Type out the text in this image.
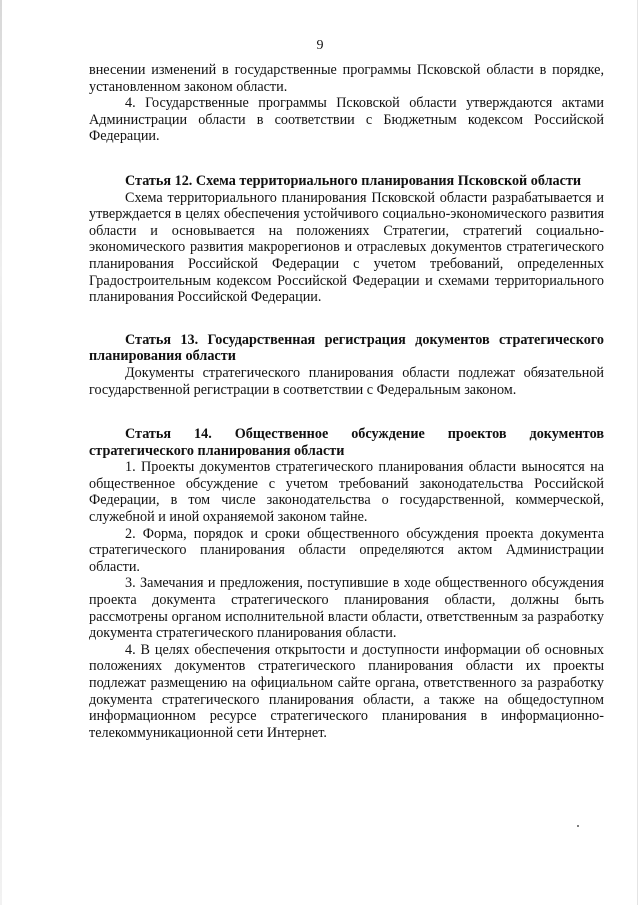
9

внесении изменений в государственные программы Псковской области в порядке, установленном законом области.

4. Государственные программы Псковской области утверждаются актами Администрации области в соответствии с Бюджетным кодексом Российской Федерации.

Статья 12. Схема территориального планирования Псковской области

Схема территориального планирования Псковской области разрабатывается и утверждается в целях обеспечения устойчивого социально-экономического развития области и основывается на положениях Стратегии, стратегий социально-экономического развития макрорегионов и отраслевых документов стратегического планирования Российской Федерации с учетом требований, определенных Градостроительным кодексом Российской Федерации и схемами территориального планирования Российской Федерации.

Статья 13. Государственная регистрация документов стратегического планирования области

Документы стратегического планирования области подлежат обязательной государственной регистрации в соответствии с Федеральным законом.

Статья 14. Общественное обсуждение проектов документов стратегического планирования области

1. Проекты документов стратегического планирования области выносятся на общественное обсуждение с учетом требований законодательства Российской Федерации, в том числе законодательства о государственной, коммерческой, служебной и иной охраняемой законом тайне.

2. Форма, порядок и сроки общественного обсуждения проекта документа стратегического планирования области определяются актом Администрации области.

3. Замечания и предложения, поступившие в ходе общественного обсуждения проекта документа стратегического планирования области, должны быть рассмотрены органом исполнительной власти области, ответственным за разработку документа стратегического планирования области.

4. В целях обеспечения открытости и доступности информации об основных положениях документов стратегического планирования области их проекты подлежат размещению на официальном сайте органа, ответственного за разработку документа стратегического планирования области, а также на общедоступном информационном ресурсе стратегического планирования в информационно-телекоммуникационной сети Интернет.
